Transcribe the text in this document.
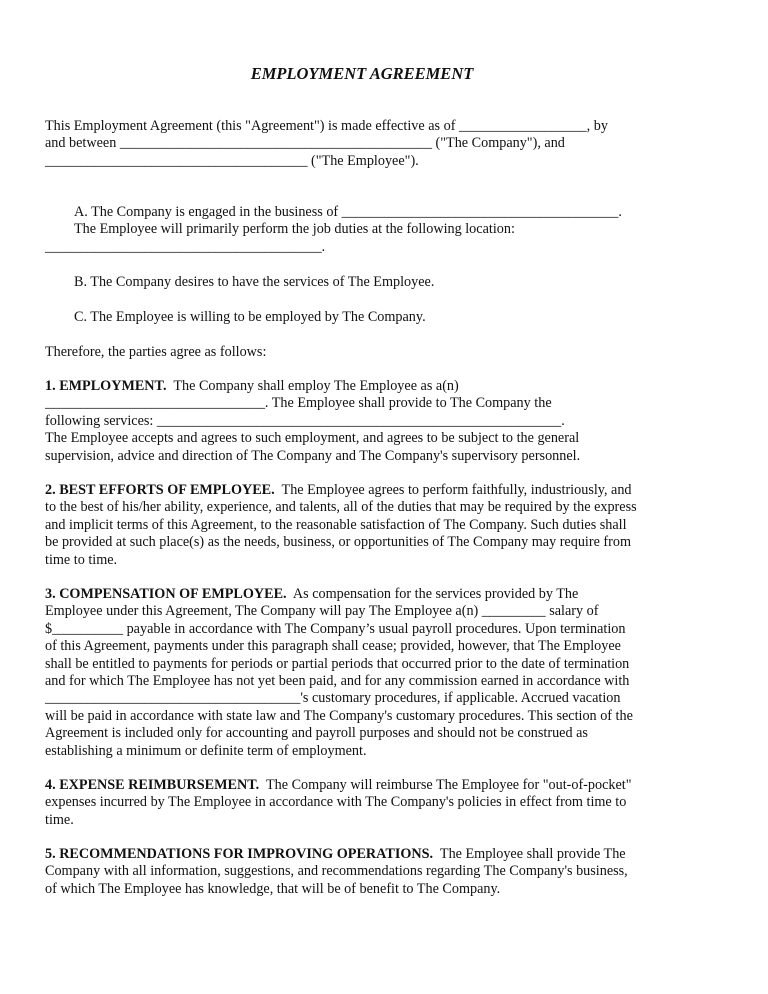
EMPLOYMENT AGREEMENT
This Employment Agreement (this "Agreement") is made effective as of __________________, by
and between ____________________________________________ ("The Company"), and
_____________________________________ ("The Employee").
A. The Company is engaged in the business of _______________________________________.
The Employee will primarily perform the job duties at the following location:
_______________________________________.
B. The Company desires to have the services of The Employee.
C. The Employee is willing to be employed by The Company.
Therefore, the parties agree as follows:
1. EMPLOYMENT.  The Company shall employ The Employee as a(n)
_______________________________. The Employee shall provide to The Company the
following services: _________________________________________________________.
The Employee accepts and agrees to such employment, and agrees to be subject to the general
supervision, advice and direction of The Company and The Company's supervisory personnel.
2. BEST EFFORTS OF EMPLOYEE.  The Employee agrees to perform faithfully, industriously, and
to the best of his/her ability, experience, and talents, all of the duties that may be required by the express
and implicit terms of this Agreement, to the reasonable satisfaction of The Company. Such duties shall
be provided at such place(s) as the needs, business, or opportunities of The Company may require from
time to time.
3. COMPENSATION OF EMPLOYEE.  As compensation for the services provided by The
Employee under this Agreement, The Company will pay The Employee a(n) _________ salary of
$__________ payable in accordance with The Company’s usual payroll procedures. Upon termination
of this Agreement, payments under this paragraph shall cease; provided, however, that The Employee
shall be entitled to payments for periods or partial periods that occurred prior to the date of termination
and for which The Employee has not yet been paid, and for any commission earned in accordance with
____________________________________'s customary procedures, if applicable. Accrued vacation
will be paid in accordance with state law and The Company's customary procedures. This section of the
Agreement is included only for accounting and payroll purposes and should not be construed as
establishing a minimum or definite term of employment.
4. EXPENSE REIMBURSEMENT.  The Company will reimburse The Employee for "out-of-pocket"
expenses incurred by The Employee in accordance with The Company's policies in effect from time to
time.
5. RECOMMENDATIONS FOR IMPROVING OPERATIONS.  The Employee shall provide The
Company with all information, suggestions, and recommendations regarding The Company's business,
of which The Employee has knowledge, that will be of benefit to The Company.
